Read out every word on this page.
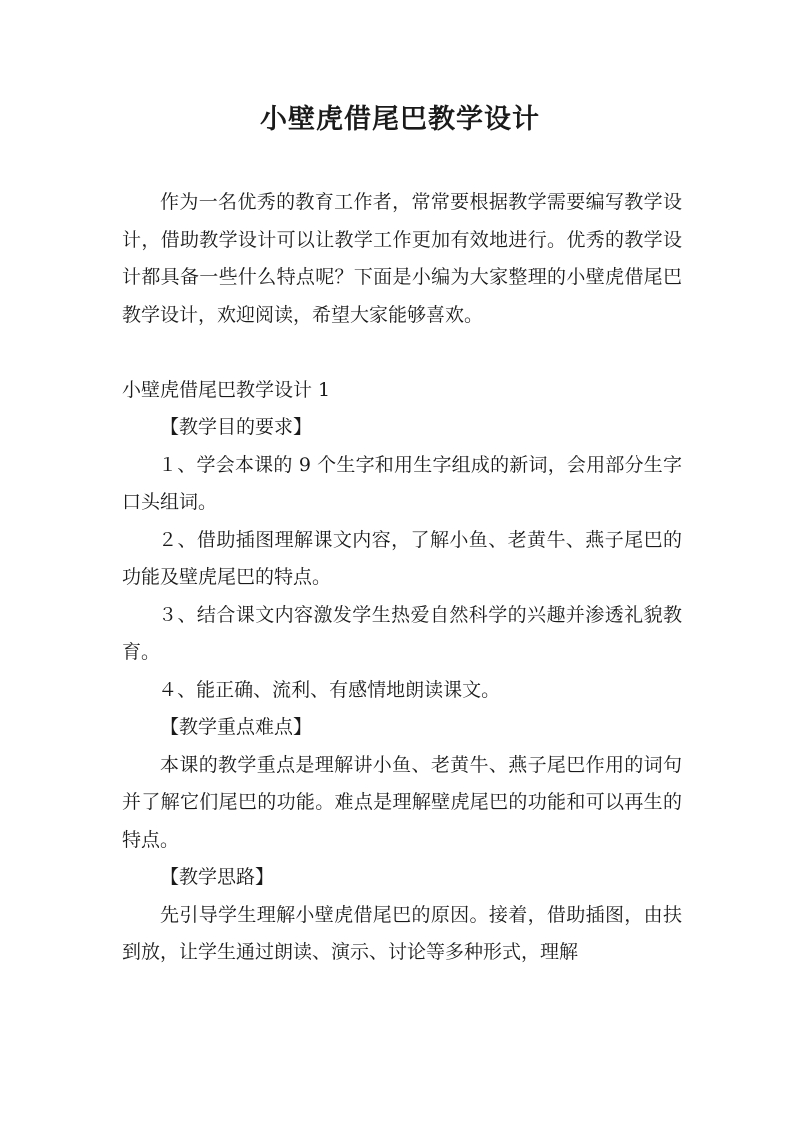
小壁虎借尾巴教学设计

作为一名优秀的教育工作者，常常要根据教学需要编写教学设计，借助教学设计可以让教学工作更加有效地进行。优秀的教学设计都具备一些什么特点呢？下面是小编为大家整理的小壁虎借尾巴教学设计，欢迎阅读，希望大家能够喜欢。

小壁虎借尾巴教学设计 1

【教学目的要求】

１、学会本课的 9 个生字和用生字组成的新词，会用部分生字口头组词。

２、借助插图理解课文内容，了解小鱼、老黄牛、燕子尾巴的功能及壁虎尾巴的特点。

３、结合课文内容激发学生热爱自然科学的兴趣并渗透礼貌教育。

４、能正确、流利、有感情地朗读课文。

【教学重点难点】

本课的教学重点是理解讲小鱼、老黄牛、燕子尾巴作用的词句并了解它们尾巴的功能。难点是理解壁虎尾巴的功能和可以再生的特点。

【教学思路】

先引导学生理解小壁虎借尾巴的原因。接着，借助插图，由扶到放，让学生通过朗读、演示、讨论等多种形式，理解
